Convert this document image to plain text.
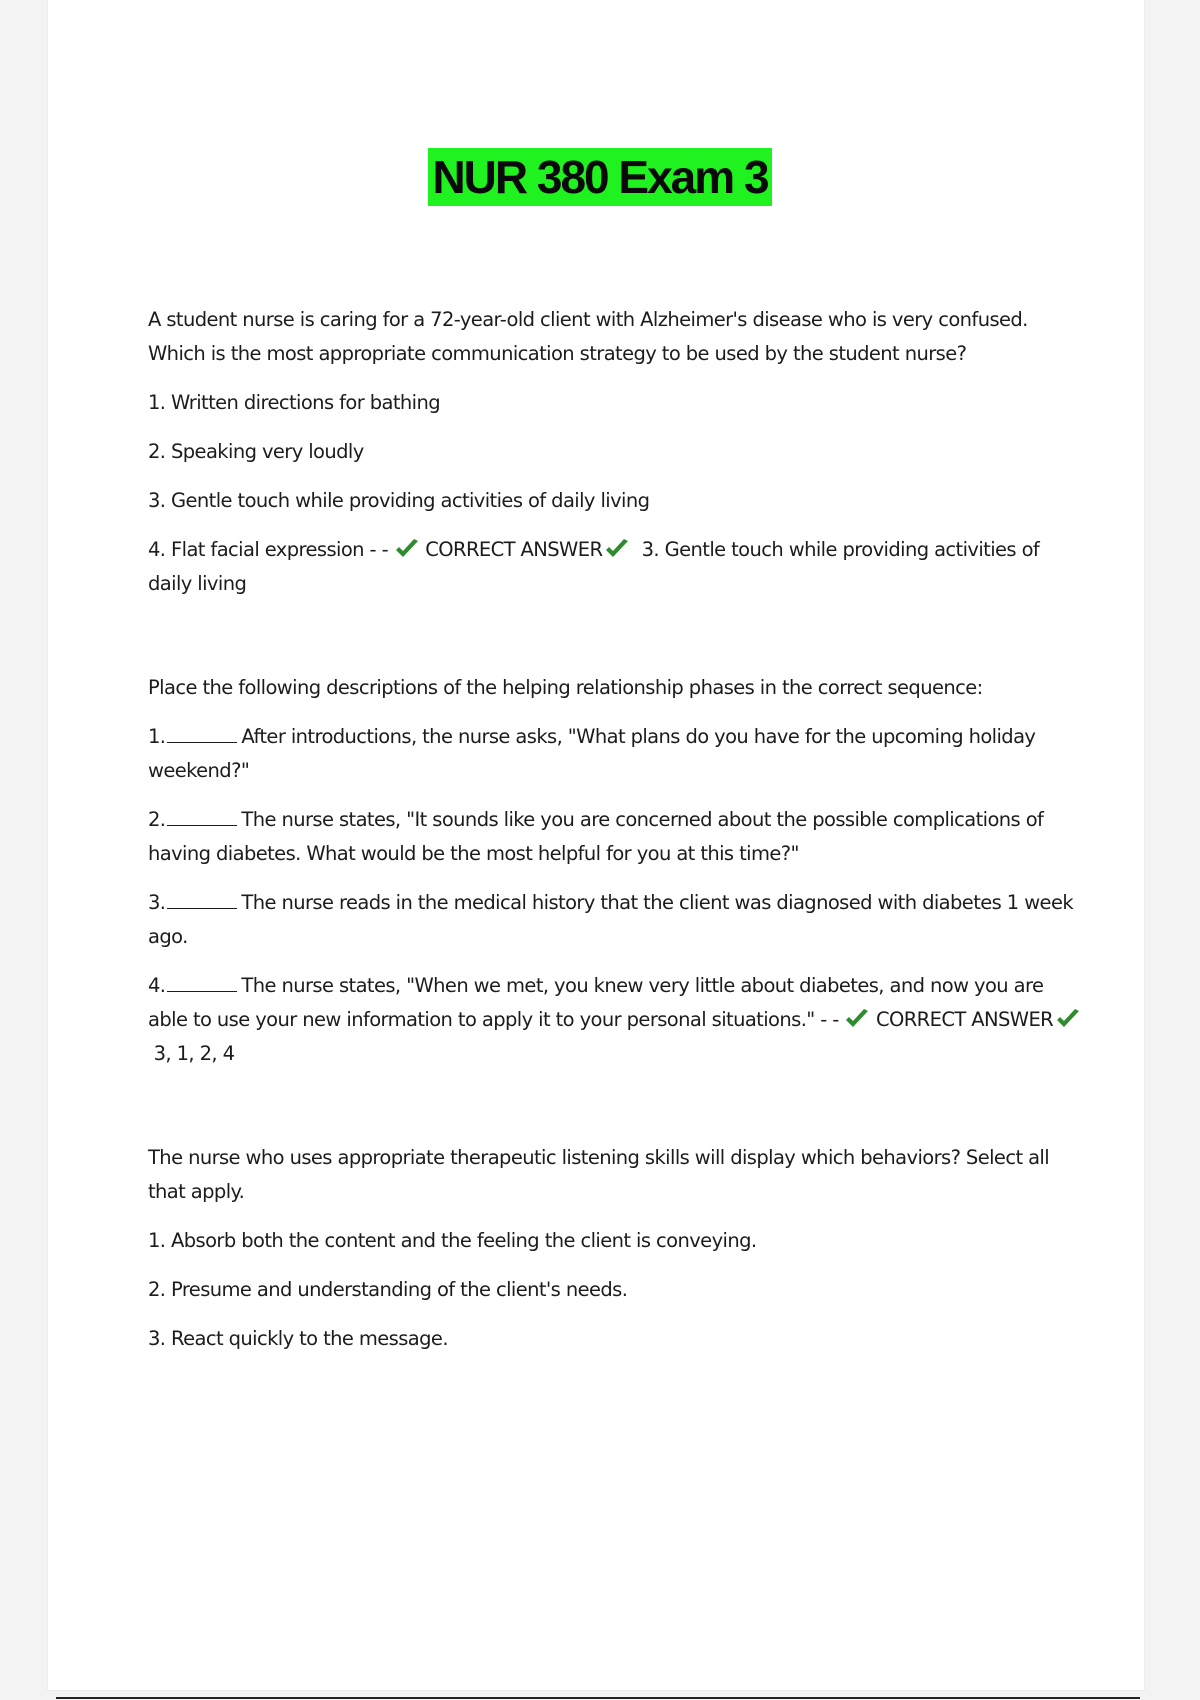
NUR 380 Exam 3

A student nurse is caring for a 72-year-old client with Alzheimer's disease who is very confused. Which is the most appropriate communication strategy to be used by the student nurse?

1. Written directions for bathing

2. Speaking very loudly

3. Gentle touch while providing activities of daily living

4. Flat facial expression - - CORRECT ANSWER 3. Gentle touch while providing activities of daily living

Place the following descriptions of the helping relationship phases in the correct sequence:

1.	After introductions, the nurse asks, "What plans do you have for the upcoming holiday weekend?"

2.	The nurse states, "It sounds like you are concerned about the possible complications of having diabetes. What would be the most helpful for you at this time?"

3.	The nurse reads in the medical history that the client was diagnosed with diabetes 1 week ago.

4.	The nurse states, "When we met, you knew very little about diabetes, and now you are able to use your new information to apply it to your personal situations." - - CORRECT ANSWER
3, 1, 2, 4

The nurse who uses appropriate therapeutic listening skills will display which behaviors? Select all that apply.

1. Absorb both the content and the feeling the client is conveying.

2. Presume and understanding of the client's needs.

3. React quickly to the message.
